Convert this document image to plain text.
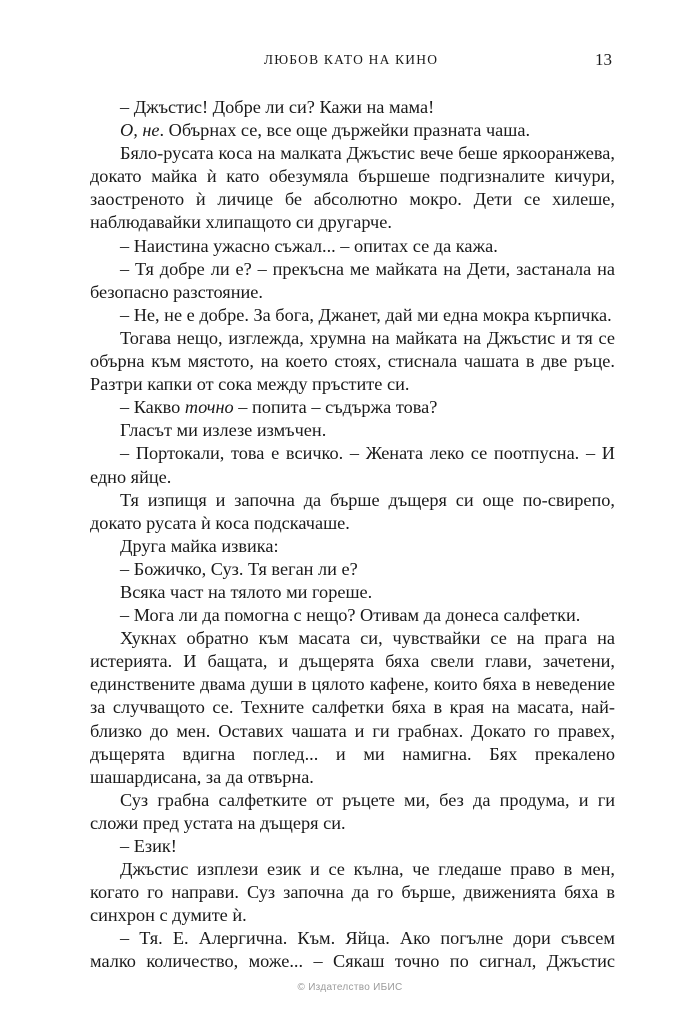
ЛЮБОВ КАТО НА КИНО	13

– Джъстис! Добре ли си? Кажи на мама!

О, не. Обърнах се, все още държейки празната чаша.

Бяло-русата коса на малката Джъстис вече беше яркооранжева, докато майка ѝ като обезумяла бършеше подгизналите кичури, заостреното ѝ личице бе абсолютно мокро. Дети се хилеше, наблюдавайки хлипащото си другарче.

– Наистина ужасно съжал... – опитах се да кажа.

– Тя добре ли е? – прекъсна ме майката на Дети, застанала на безопасно разстояние.

– Не, не е добре. За бога, Джанет, дай ми една мокра кърпичка.

Тогава нещо, изглежда, хрумна на майката на Джъстис и тя се обърна към мястото, на което стоях, стиснала чашата в две ръце. Разтри капки от сока между пръстите си.

– Какво точно – попита – съдържа това?

Гласът ми излезе измъчен.

– Портокали, това е всичко. – Жената леко се поотпусна. – И едно яйце.

Тя изпищя и започна да бърше дъщеря си още по-свирепо, докато русата ѝ коса подскачаше.

Друга майка извика:

– Божичко, Суз. Тя веган ли е?

Всяка част на тялото ми гореше.

– Мога ли да помогна с нещо? Отивам да донеса салфетки.

Хукнах обратно към масата си, чувствайки се на прага на истерията. И бащата, и дъщерята бяха свели глави, зачетени, единствените двама души в цялото кафене, които бяха в неведение за случващото се. Техните салфетки бяха в края на масата, най-близко до мен. Оставих чашата и ги грабнах. Докато го правех, дъщерята вдигна поглед... и ми намигна. Бях прекалено шашардисана, за да отвърна.

Суз грабна салфетките от ръцете ми, без да продума, и ги сложи пред устата на дъщеря си.

– Език!

Джъстис изплези език и се кълна, че гледаше право в мен, когато го направи. Суз започна да го бърше, движенията бяха в синхрон с думите ѝ.

– Тя. Е. Алергична. Към. Яйца. Ако погълне дори съвсем малко количество, може... – Сякаш точно по сигнал, Джъстис

© Издателство ИБИС
